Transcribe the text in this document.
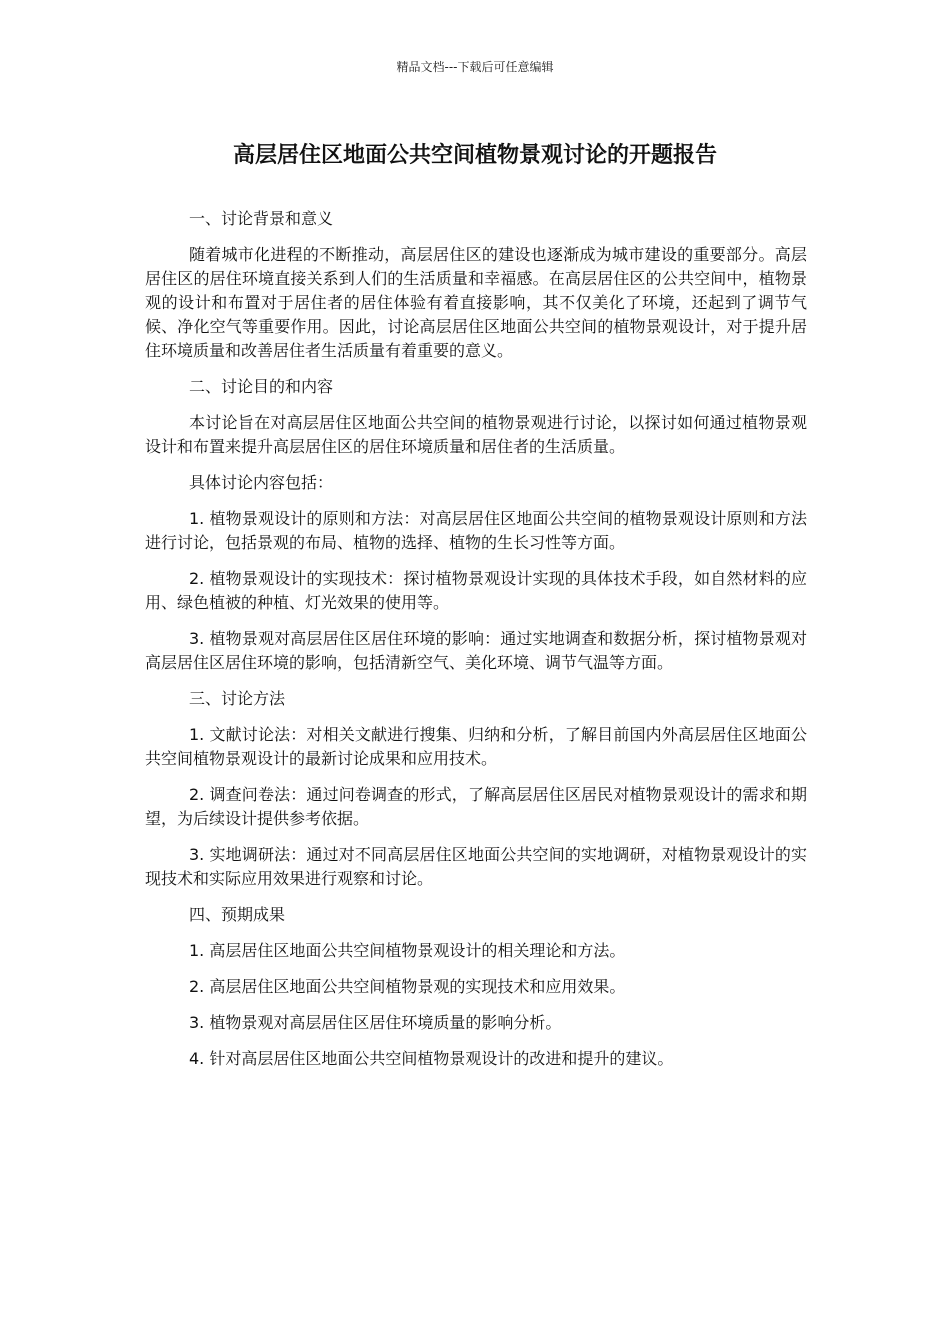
精品文档---下载后可任意编辑
高层居住区地面公共空间植物景观讨论的开题报告

一、讨论背景和意义

随着城市化进程的不断推动，高层居住区的建设也逐渐成为城市建设的重要部分。高层居住区的居住环境直接关系到人们的生活质量和幸福感。在高层居住区的公共空间中，植物景观的设计和布置对于居住者的居住体验有着直接影响，其不仅美化了环境，还起到了调节气候、净化空气等重要作用。因此，讨论高层居住区地面公共空间的植物景观设计，对于提升居住环境质量和改善居住者生活质量有着重要的意义。

二、讨论目的和内容

本讨论旨在对高层居住区地面公共空间的植物景观进行讨论，以探讨如何通过植物景观设计和布置来提升高层居住区的居住环境质量和居住者的生活质量。

具体讨论内容包括：

1. 植物景观设计的原则和方法：对高层居住区地面公共空间的植物景观设计原则和方法进行讨论，包括景观的布局、植物的选择、植物的生长习性等方面。

2. 植物景观设计的实现技术：探讨植物景观设计实现的具体技术手段，如自然材料的应用、绿色植被的种植、灯光效果的使用等。

3. 植物景观对高层居住区居住环境的影响：通过实地调查和数据分析，探讨植物景观对高层居住区居住环境的影响，包括清新空气、美化环境、调节气温等方面。

三、讨论方法

1. 文献讨论法：对相关文献进行搜集、归纳和分析，了解目前国内外高层居住区地面公共空间植物景观设计的最新讨论成果和应用技术。

2. 调查问卷法：通过问卷调查的形式，了解高层居住区居民对植物景观设计的需求和期望，为后续设计提供参考依据。

3. 实地调研法：通过对不同高层居住区地面公共空间的实地调研，对植物景观设计的实现技术和实际应用效果进行观察和讨论。

四、预期成果

1. 高层居住区地面公共空间植物景观设计的相关理论和方法。

2. 高层居住区地面公共空间植物景观的实现技术和应用效果。

3. 植物景观对高层居住区居住环境质量的影响分析。

4. 针对高层居住区地面公共空间植物景观设计的改进和提升的建议。
